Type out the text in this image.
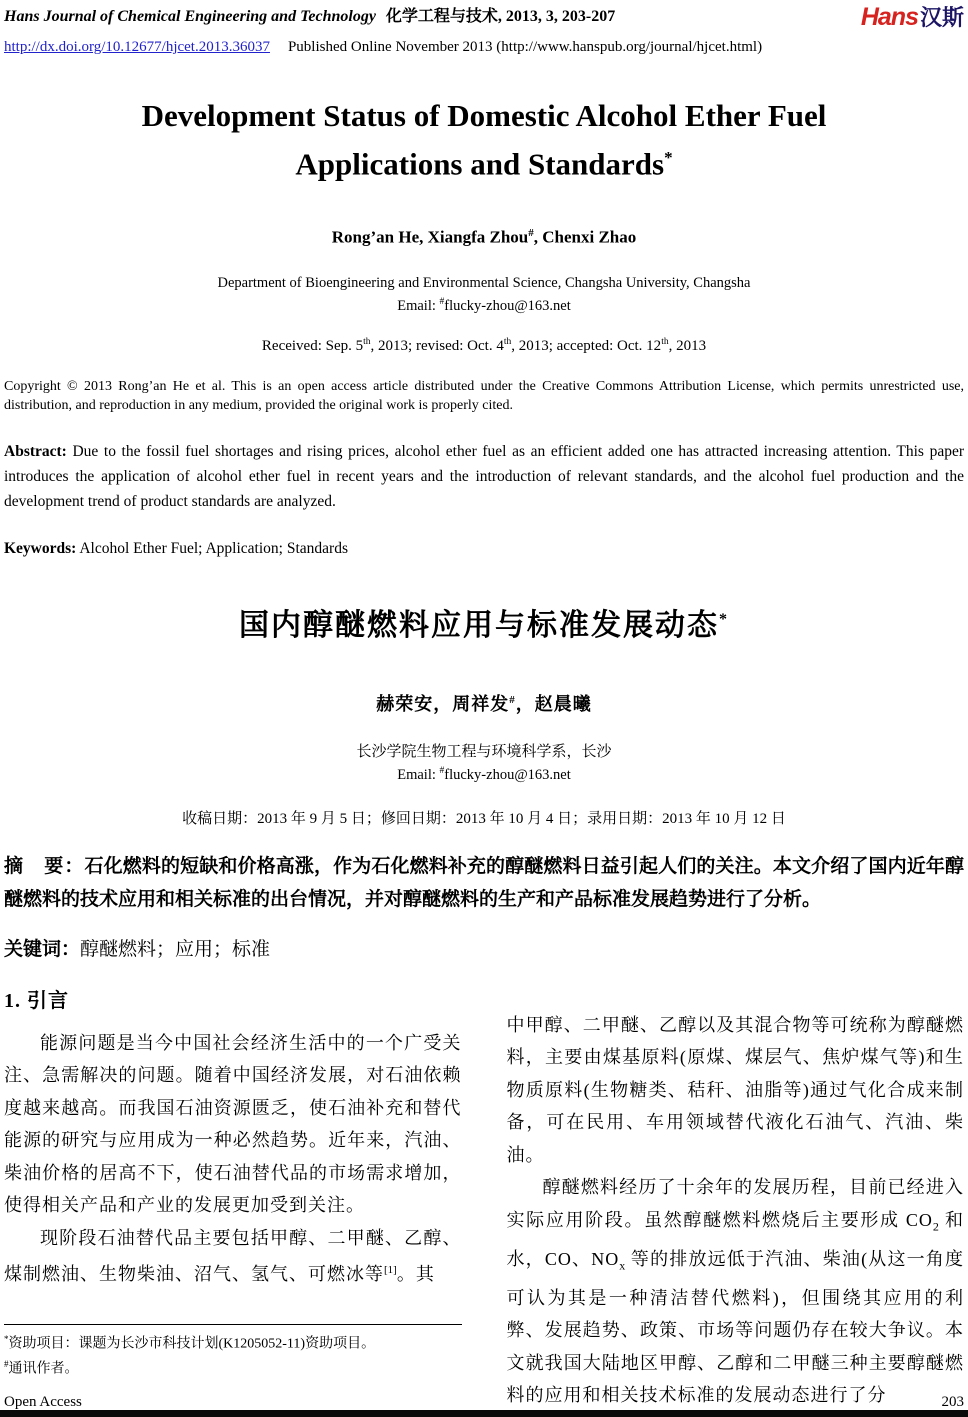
Hans Journal of Chemical Engineering and Technology 化学工程与技术, 2013, 3, 203-207	Hans汉斯
http://dx.doi.org/10.12677/hjcet.2013.36037 Published Online November 2013 (http://www.hanspub.org/journal/hjcet.html)
Development Status of Domestic Alcohol Ether Fuel
Applications and Standards*
Rong’an He, Xiangfa Zhou#, Chenxi Zhao
Department of Bioengineering and Environmental Science, Changsha University, Changsha
Email: #flucky-zhou@163.net
Received: Sep. 5th, 2013; revised: Oct. 4th, 2013; accepted: Oct. 12th, 2013
Copyright © 2013 Rong’an He et al. This is an open access article distributed under the Creative Commons Attribution License, which permits unrestricted use, distribution, and reproduction in any medium, provided the original work is properly cited.
Abstract: Due to the fossil fuel shortages and rising prices, alcohol ether fuel as an efficient added one has attracted increasing attention. This paper introduces the application of alcohol ether fuel in recent years and the introduction of relevant standards, and the alcohol fuel production and the development trend of product standards are analyzed.
Keywords: Alcohol Ether Fuel; Application; Standards
国内醇醚燃料应用与标准发展动态*
赫荣安，周祥发#，赵晨曦
长沙学院生物工程与环境科学系，长沙
Email: #flucky-zhou@163.net
收稿日期：2013 年 9 月 5 日；修回日期：2013 年 10 月 4 日；录用日期：2013 年 10 月 12 日
摘　要：石化燃料的短缺和价格高涨，作为石化燃料补充的醇醚燃料日益引起人们的关注。本文介绍了国内近年醇醚燃料的技术应用和相关标准的出台情况，并对醇醚燃料的生产和产品标准发展趋势进行了分析。
关键词：醇醚燃料；应用；标准
1. 引言

能源问题是当今中国社会经济生活中的一个广受关注、急需解决的问题。随着中国经济发展，对石油依赖度越来越高。而我国石油资源匮乏，使石油补充和替代能源的研究与应用成为一种必然趋势。近年来，汽油、柴油价格的居高不下，使石油替代品的市场需求增加，使得相关产品和产业的发展更加受到关注。

现阶段石油替代品主要包括甲醇、二甲醚、乙醇、煤制燃油、生物柴油、沼气、氢气、可燃冰等[1]。其

*资助项目：课题为长沙市科技计划(K1205052-11)资助项目。
#通讯作者。

中甲醇、二甲醚、乙醇以及其混合物等可统称为醇醚燃料，主要由煤基原料(原煤、煤层气、焦炉煤气等)和生物质原料(生物糖类、秸秆、油脂等)通过气化合成来制备，可在民用、车用领域替代液化石油气、汽油、柴油。

醇醚燃料经历了十余年的发展历程，目前已经进入实际应用阶段。虽然醇醚燃料燃烧后主要形成 $CO_2$ 和水，CO、$NO_x$ 等的排放远低于汽油、柴油(从这一角度可认为其是一种清洁替代燃料)，但围绕其应用的利弊、发展趋势、政策、市场等问题仍存在较大争议。本文就我国大陆地区甲醇、乙醇和二甲醚三种主要醇醚燃料的应用和相关技术标准的发展动态进行了分

Open Access	203
